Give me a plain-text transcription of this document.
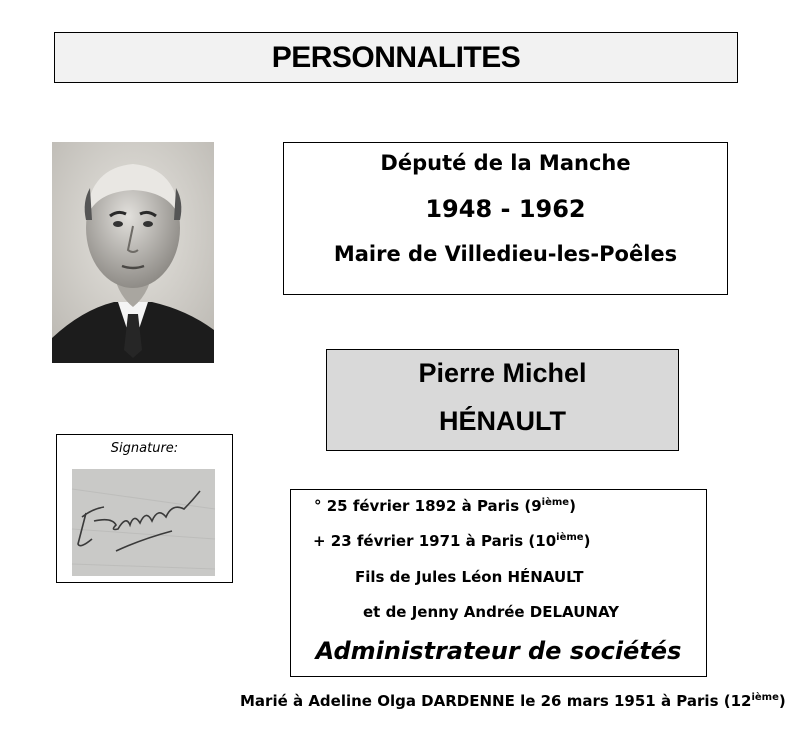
PERSONNALITES
Député de la Manche
1948 - 1962
Maire de Villedieu-les-Poêles
Pierre Michel
HÉNAULT
Signature:
° 25 février 1892 à Paris (9ième)
+ 23 février 1971 à Paris (10ième)
Fils de Jules Léon HÉNAULT
et de Jenny Andrée DELAUNAY
Administrateur de sociétés
Marié à Adeline Olga DARDENNE le 26 mars 1951 à Paris (12ième)
